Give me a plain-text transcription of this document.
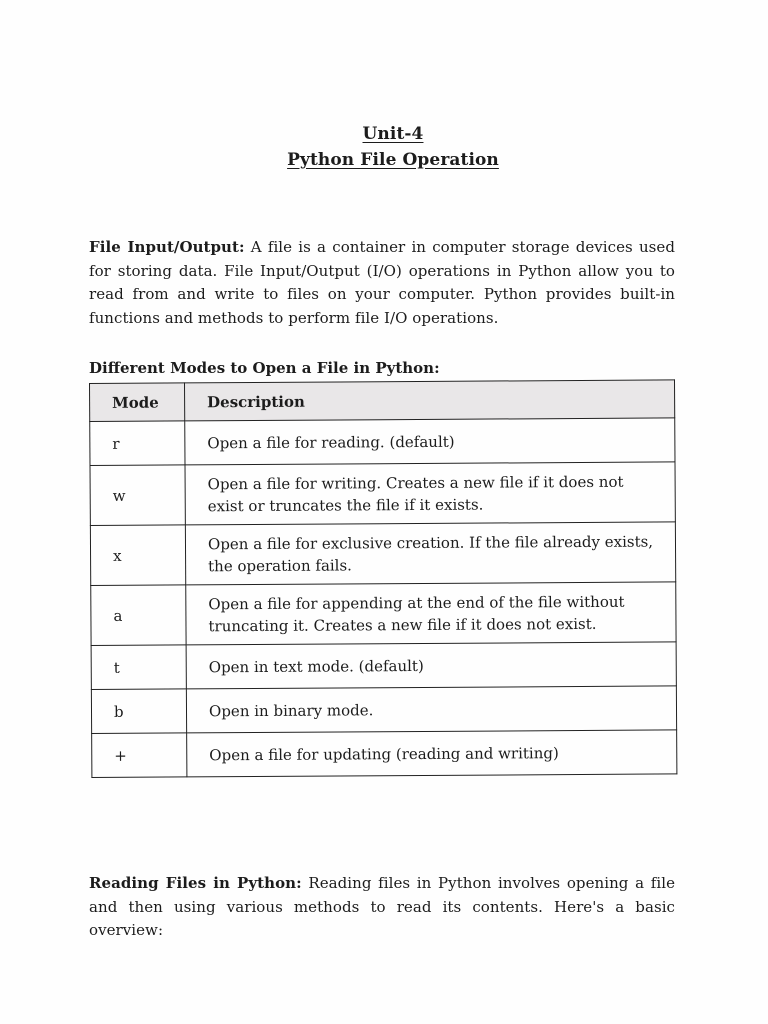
Unit-4
Python File Operation

File Input/Output: A file is a container in computer storage devices used for storing data. File Input/Output (I/O) operations in Python allow you to read from and write to files on your computer. Python provides built-in functions and methods to perform file I/O operations.

Different Modes to Open a File in Python:
Mode	Description
r	Open a file for reading. (default)
w	Open a file for writing. Creates a new file if it does not exist or truncates the file if it exists.
x	Open a file for exclusive creation. If the file already exists, the operation fails.
a	Open a file for appending at the end of the file without truncating it. Creates a new file if it does not exist.
t	Open in text mode. (default)
b	Open in binary mode.
+	Open a file for updating (reading and writing)

Reading Files in Python: Reading files in Python involves opening a file and then using various methods to read its contents. Here's a basic overview:
